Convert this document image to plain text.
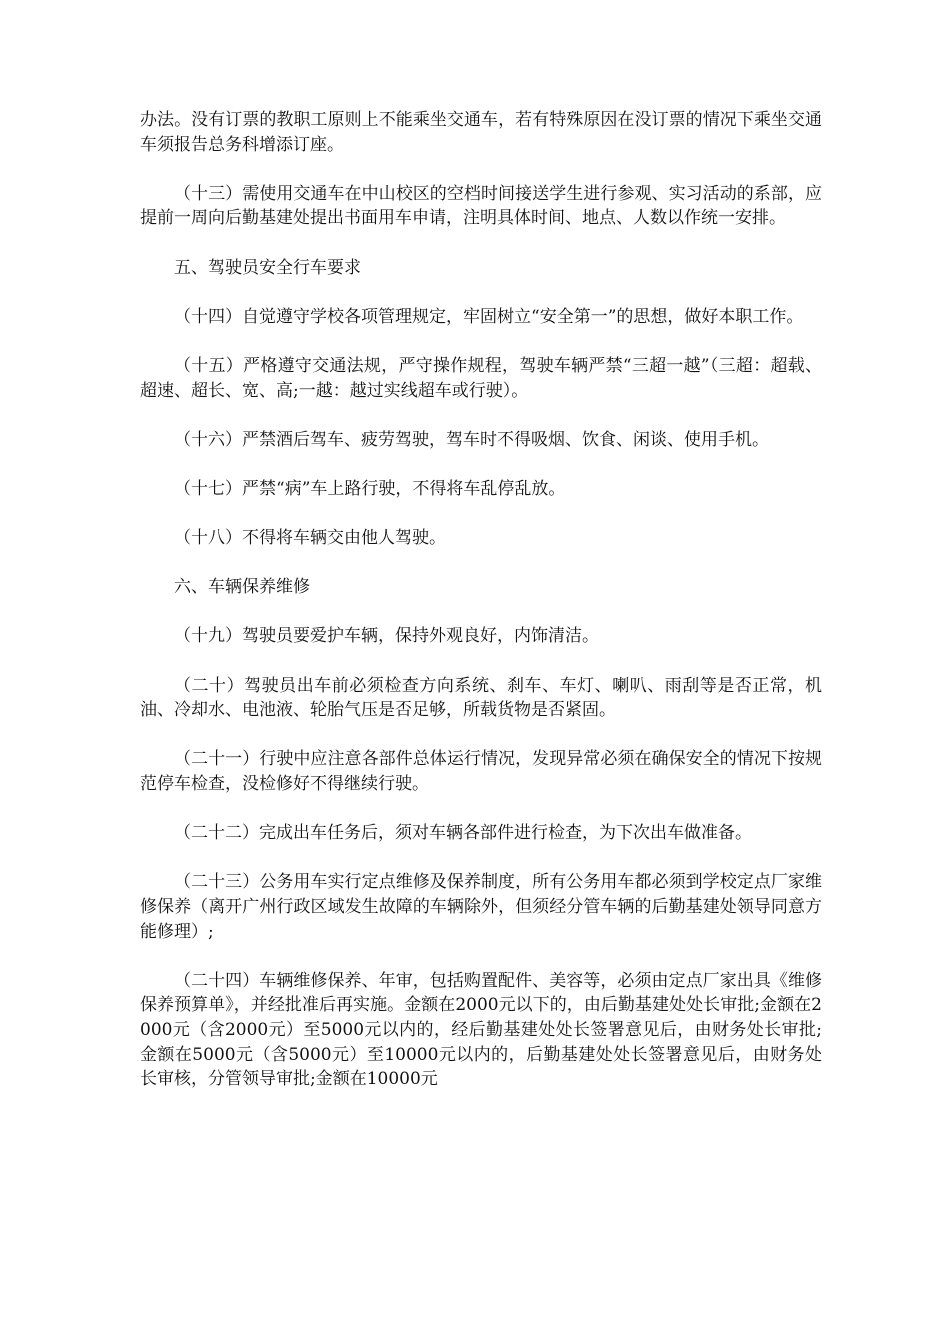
办法。没有订票的教职工原则上不能乘坐交通车，若有特殊原因在没订票的情况下乘坐交通车须报告总务科增添订座。

（十三）需使用交通车在中山校区的空档时间接送学生进行参观、实习活动的系部，应提前一周向后勤基建处提出书面用车申请，注明具体时间、地点、人数以作统一安排。

五、驾驶员安全行车要求

（十四）自觉遵守学校各项管理规定，牢固树立“安全第一”的思想，做好本职工作。

（十五）严格遵守交通法规，严守操作规程，驾驶车辆严禁“三超一越”（三超：超载、超速、超长、宽、高;一越：越过实线超车或行驶）。

（十六）严禁酒后驾车、疲劳驾驶，驾车时不得吸烟、饮食、闲谈、使用手机。

（十七）严禁“病”车上路行驶，不得将车乱停乱放。

（十八）不得将车辆交由他人驾驶。

六、车辆保养维修

（十九）驾驶员要爱护车辆，保持外观良好，内饰清洁。

（二十）驾驶员出车前必须检查方向系统、刹车、车灯、喇叭、雨刮等是否正常，机油、冷却水、电池液、轮胎气压是否足够，所载货物是否紧固。

（二十一）行驶中应注意各部件总体运行情况，发现异常必须在确保安全的情况下按规范停车检查，没检修好不得继续行驶。

（二十二）完成出车任务后，须对车辆各部件进行检查，为下次出车做准备。

（二十三）公务用车实行定点维修及保养制度，所有公务用车都必须到学校定点厂家维修保养（离开广州行政区域发生故障的车辆除外，但须经分管车辆的后勤基建处领导同意方能修理）;

（二十四）车辆维修保养、年审，包括购置配件、美容等，必须由定点厂家出具《维修保养预算单》，并经批准后再实施。金额在2000元以下的，由后勤基建处处长审批;金额在2000元（含2000元）至5000元以内的，经后勤基建处处长签署意见后，由财务处长审批;金额在5000元（含5000元）至10000元以内的，后勤基建处处长签署意见后，由财务处长审核，分管领导审批;金额在10000元
